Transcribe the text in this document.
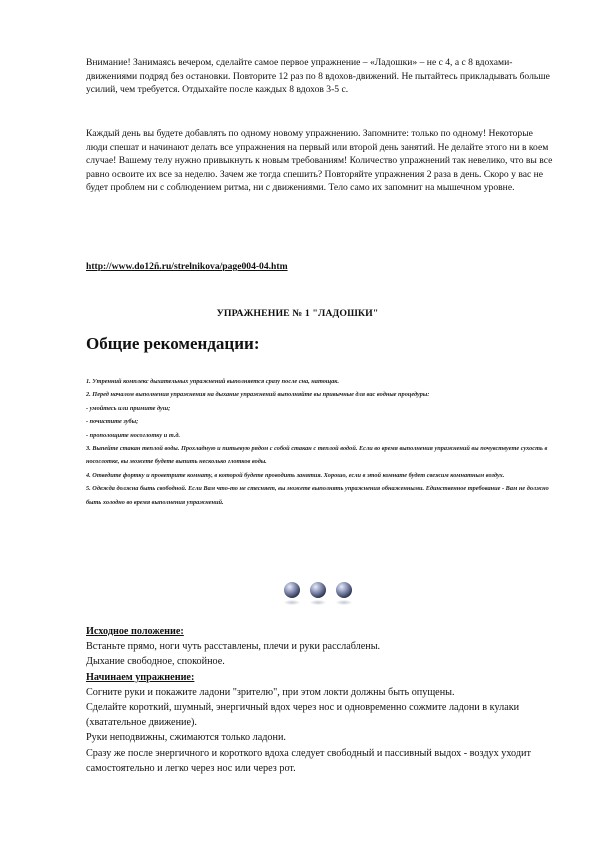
Внимание! Занимаясь вечером, сделайте самое первое упражнение – «Ладошки» – не с 4, а с 8 вдохами-движениями подряд без остановки. Повторите 12 раз по 8 вдохов-движений. Не пытайтесь прикладывать больше усилий, чем требуется. Отдыхайте после каждых 8 вдохов 3-5 с.

Каждый день вы будете добавлять по одному новому упражнению. Запомните: только по одному! Некоторые люди спешат и начинают делать все упражнения на первый или второй день занятий. Не делайте этого ни в коем случае! Вашему телу нужно привыкнуть к новым требованиям! Количество упражнений так невелико, что вы все равно освоите их все за неделю. Зачем же тогда спешить? Повторяйте упражнения 2 раза в день. Скоро у вас не будет проблем ни с соблюдением ритма, ни с движениями. Тело само их запомнит на мышечном уровне.

http://www.do12ñ.ru/strelnikova/page004-04.htm
УПРАЖНЕНИЕ № 1 "ЛАДОШКИ"
Общие рекомендации:
1. Утренний комплекс дыхательных упражнений выполняется сразу после сна, натощак.
2. Перед началом выполнения упражнения на дыхание упражнений выполняйте вы привычные для вас водные процедуры:
- умойтесь или примите душ;
- почистите зубы;
- прополощите носоглотку и т.д.
3. Выпейте стакан теплой воды. Прохладную и питьевую рядом с собой стакан с теплой водой. Если во время выполнения упражнений вы почувствуете сухость в носоглотке, вы можете будете выпить несколько глотков воды.
4. Отведите фортку и проветрите комнату, в которой будете проводить занятия. Хорошо, если в этой комнате будет свежим комнатным воздух.
5. Одежда должна быть свободной. Если Вам что-то не стесняет, вы можете выполнять упражнения обнаженными. Единственное требование - Вам не должно быть холодно во время выполнения упражнений.
Исходное положение:
Встаньте прямо, ноги чуть расставлены, плечи и руки расслаблены.
Дыхание свободное, спокойное.
Начинаем упражнение:
Согните руки и покажите ладони "зрителю", при этом локти должны быть опущены.
Сделайте короткий, шумный, энергичный вдох через нос и одновременно сожмите ладони в кулаки (хватательное движение).
Руки неподвижны, сжимаются только ладони.
Сразу же после энергичного и короткого вдоха следует свободный и пассивный выдох - воздух уходит самостоятельно и легко через нос или через рот.
